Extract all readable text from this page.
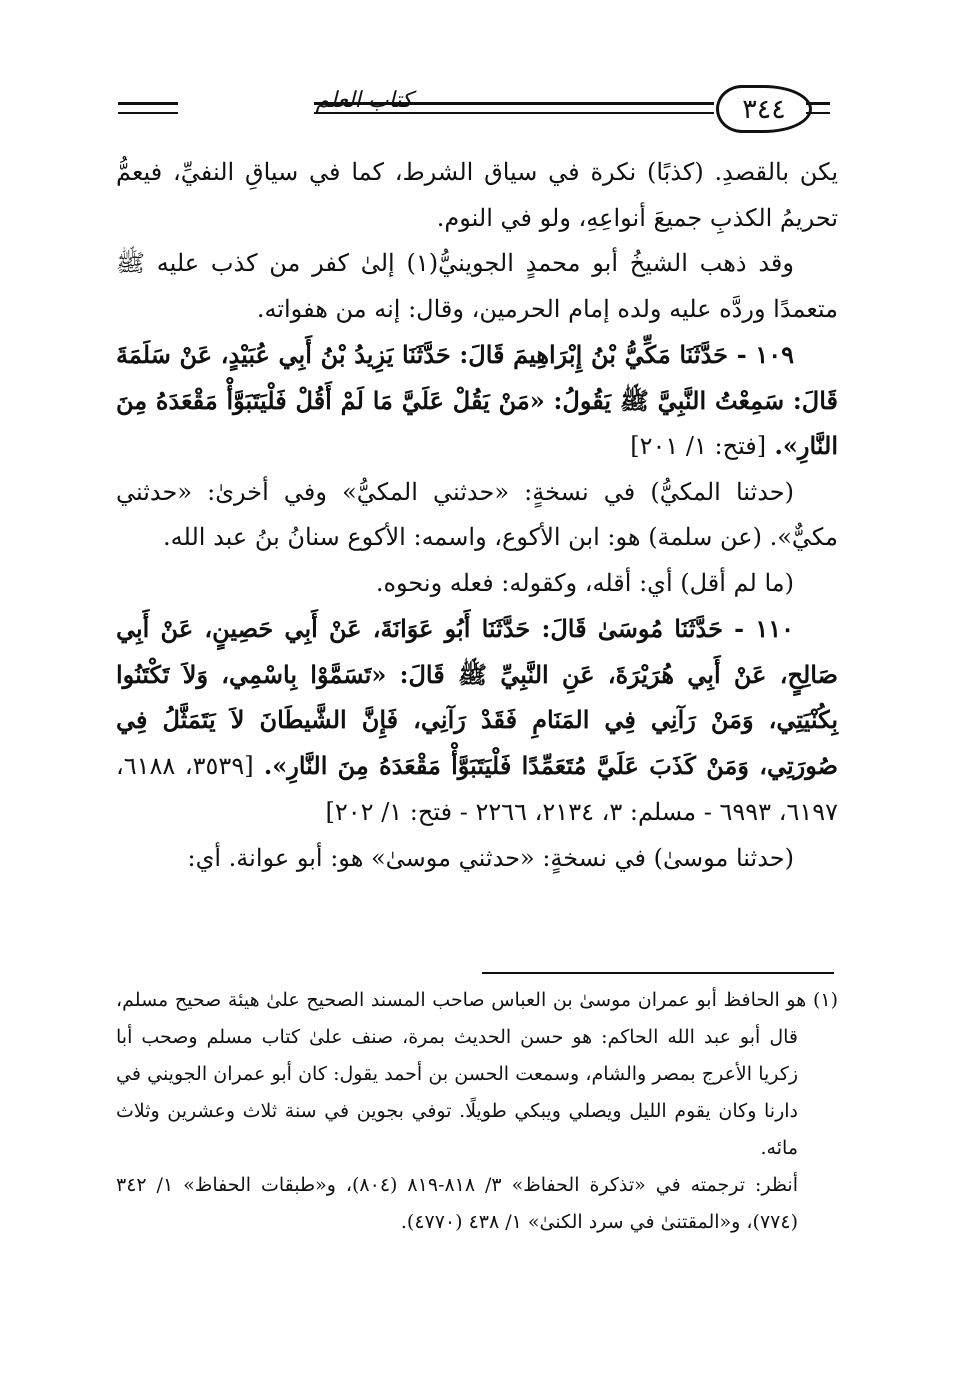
كتاب العلم	٣٤٤

يكن بالقصدِ. (كذبًا) نكرة في سياق الشرط، كما في سياقِ النفيِّ، فيعمُّ تحريمُ الكذبِ جميعَ أنواعِهِ، ولو في النوم.

وقد ذهب الشيخُ أبو محمدٍ الجوينيُّ(١) إلىٰ كفر من كذب عليه ﷺ متعمدًا وردَّه عليه ولده إمام الحرمين، وقال: إنه من هفواته.

١٠٩ - حَدَّثَنَا مَكِّيُّ بْنُ إِبْرَاهِيمَ قَالَ: حَدَّثَنَا يَزِيدُ بْنُ أَبِي عُبَيْدٍ، عَنْ سَلَمَةَ قَالَ: سَمِعْتُ النَّبِيَّ ﷺ يَقُولُ: «مَنْ يَقُلْ عَلَيَّ مَا لَمْ أَقُلْ فَلْيَتَبَوَّأْ مَقْعَدَهُ مِنَ النَّارِ». [فتح: ١/ ٢٠١]

(حدثنا المكيُّ) في نسخةٍ: «حدثني المكيُّ» وفي أخرىٰ: «حدثني مكيٌّ». (عن سلمة) هو: ابن الأكوع، واسمه: الأكوع سنانُ بنُ عبد الله.

(ما لم أقل) أي: أقله، وكقوله: فعله ونحوه.

١١٠ - حَدَّثَنَا مُوسَىٰ قَالَ: حَدَّثَنَا أَبُو عَوَانَةَ، عَنْ أَبِي حَصِينٍ، عَنْ أَبِي صَالِحٍ، عَنْ أَبِي هُرَيْرَةَ، عَنِ النَّبِيِّ ﷺ قَالَ: «تَسَمَّوْا بِاسْمِي، وَلاَ تَكْتَنُوا بِكُنْيَتِي، وَمَنْ رَآنِي فِي المَنَامِ فَقَدْ رَآنِي، فَإِنَّ الشَّيطَانَ لاَ يَتَمَثَّلُ فِي صُورَتِي، وَمَنْ كَذَبَ عَلَيَّ مُتَعَمِّدًا فَلْيَتَبَوَّأْ مَقْعَدَهُ مِنَ النَّارِ». [٣٥٣٩، ٦١٨٨، ٦١٩٧، ٦٩٩٣ - مسلم: ٣، ٢١٣٤، ٢٢٦٦ - فتح: ١/ ٢٠٢]

(حدثنا موسىٰ) في نسخةٍ: «حدثني موسىٰ» هو: أبو عوانة. أي:

(١) هو الحافظ أبو عمران موسىٰ بن العباس صاحب المسند الصحيح علىٰ هيئة صحيح مسلم، قال أبو عبد الله الحاكم: هو حسن الحديث بمرة، صنف علىٰ كتاب مسلم وصحب أبا زكريا الأعرج بمصر والشام، وسمعت الحسن بن أحمد يقول: كان أبو عمران الجويني في دارنا وكان يقوم الليل ويصلي ويبكي طويلًا. توفي بجوين في سنة ثلاث وعشرين وثلاث مائه.

أنظر: ترجمته في «تذكرة الحفاظ» ٣/ ٨١٨-٨١٩ (٨٠٤)، و«طبقات الحفاظ» ١/ ٣٤٢ (٧٧٤)، و«المقتنىٰ في سرد الكنىٰ» ١/ ٤٣٨ (٤٧٧٠).
